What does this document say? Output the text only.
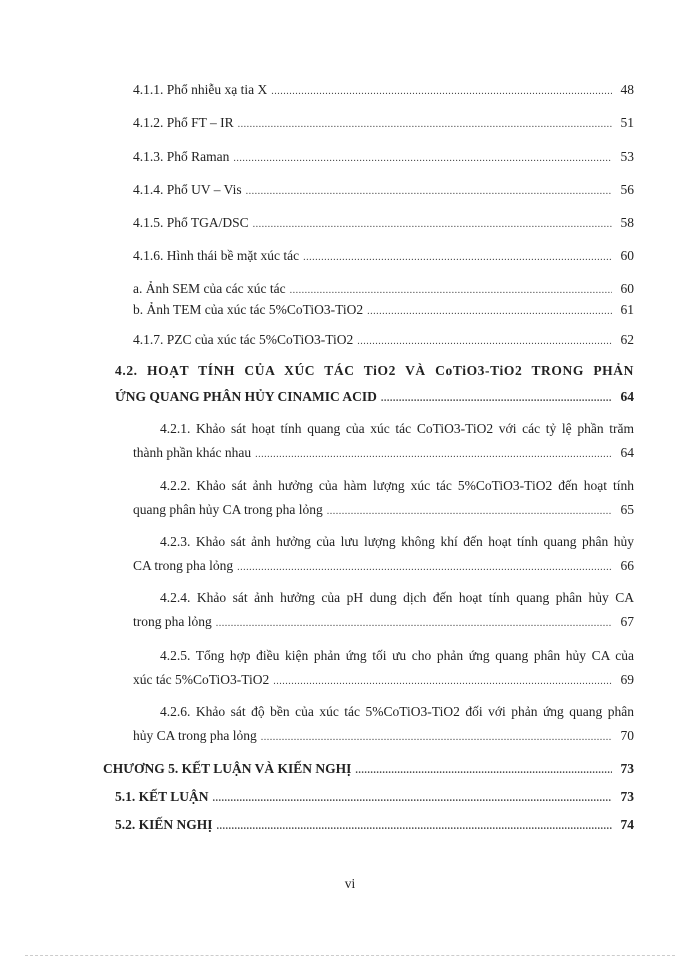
4.1.1. Phổ nhiễu xạ tia X .....	48
4.1.2. Phổ FT – IR .....	51
4.1.3. Phổ Raman .....	53
4.1.4. Phổ UV – Vis .....	56
4.1.5. Phổ TGA/DSC .....	58
4.1.6. Hình thái bề mặt xúc tác .....	60
a. Ảnh SEM của các xúc tác .....	60
b. Ảnh TEM của xúc tác 5%CoTiO3-TiO2 .....	61
4.1.7. PZC của xúc tác 5%CoTiO3-TiO2 .....	62
4.2. HOẠT TÍNH CỦA XÚC TÁC TiO2 VÀ CoTiO3-TiO2 TRONG PHẢN
ỨNG QUANG PHÂN HỦY CINAMIC ACID .....	64
4.2.1. Khảo sát hoạt tính quang của xúc tác CoTiO3-TiO2 với các tỷ lệ phần trăm
thành phần khác nhau .....	64
4.2.2. Khảo sát ảnh hưởng của hàm lượng xúc tác 5%CoTiO3-TiO2 đến hoạt tính
quang phân hủy CA trong pha lỏng .....	65
4.2.3. Khảo sát ảnh hưởng của lưu lượng không khí đến hoạt tính quang phân hủy
CA trong pha lỏng .....	66
4.2.4. Khảo sát ảnh hưởng của pH dung dịch đến hoạt tính quang phân hủy CA
trong pha lỏng .....	67
4.2.5. Tổng hợp điều kiện phản ứng tối ưu cho phản ứng quang phân hủy CA của
xúc tác 5%CoTiO3-TiO2 .....	69
4.2.6. Khảo sát độ bền của xúc tác 5%CoTiO3-TiO2 đối với phản ứng quang phân
hủy CA trong pha lỏng .....	70
CHƯƠNG 5. KẾT LUẬN VÀ KIẾN NGHỊ .....	73
5.1. KẾT LUẬN .....	73
5.2. KIẾN NGHỊ .....	74
vi
